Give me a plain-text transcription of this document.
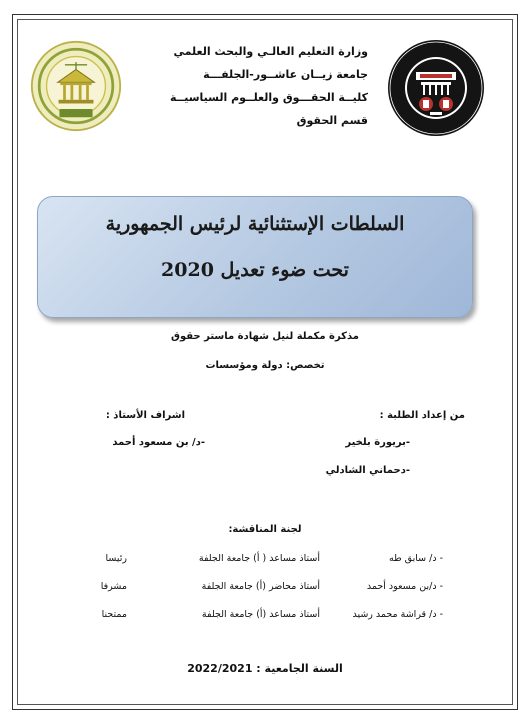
وزارة التعليم العالـي والبحث العلمي
جامعة زيــان عاشــور-الجلفـــة
كليــة الحقـــوق والعلــوم السياسيــة
قسم الحقوق
السلطات الإستثنائية لرئيس الجمهورية
تحت ضوء تعديل 2020
مذكرة مكملة لنيل شهادة ماستر حقوق
تخصص: دولة ومؤسسات
من إعداد الطلبة :
-بريورة بلخير
-دحماني الشادلي
اشراف الأستاذ :
-د/ بن مسعود أحمد
لجنة المناقشة:
- د/ سابق طه
أستاذ مساعد ( أ) جامعة الجلفة
رئيسا
- د/بن مسعود أحمد
أستاذ محاضر (أ) جامعة الجلفة
مشرفا
- د/ قراشة محمد رشيد
أستاذ مساعد (أ) جامعة الجلفة
ممتحنا
السنة الجامعية : 2022/2021
